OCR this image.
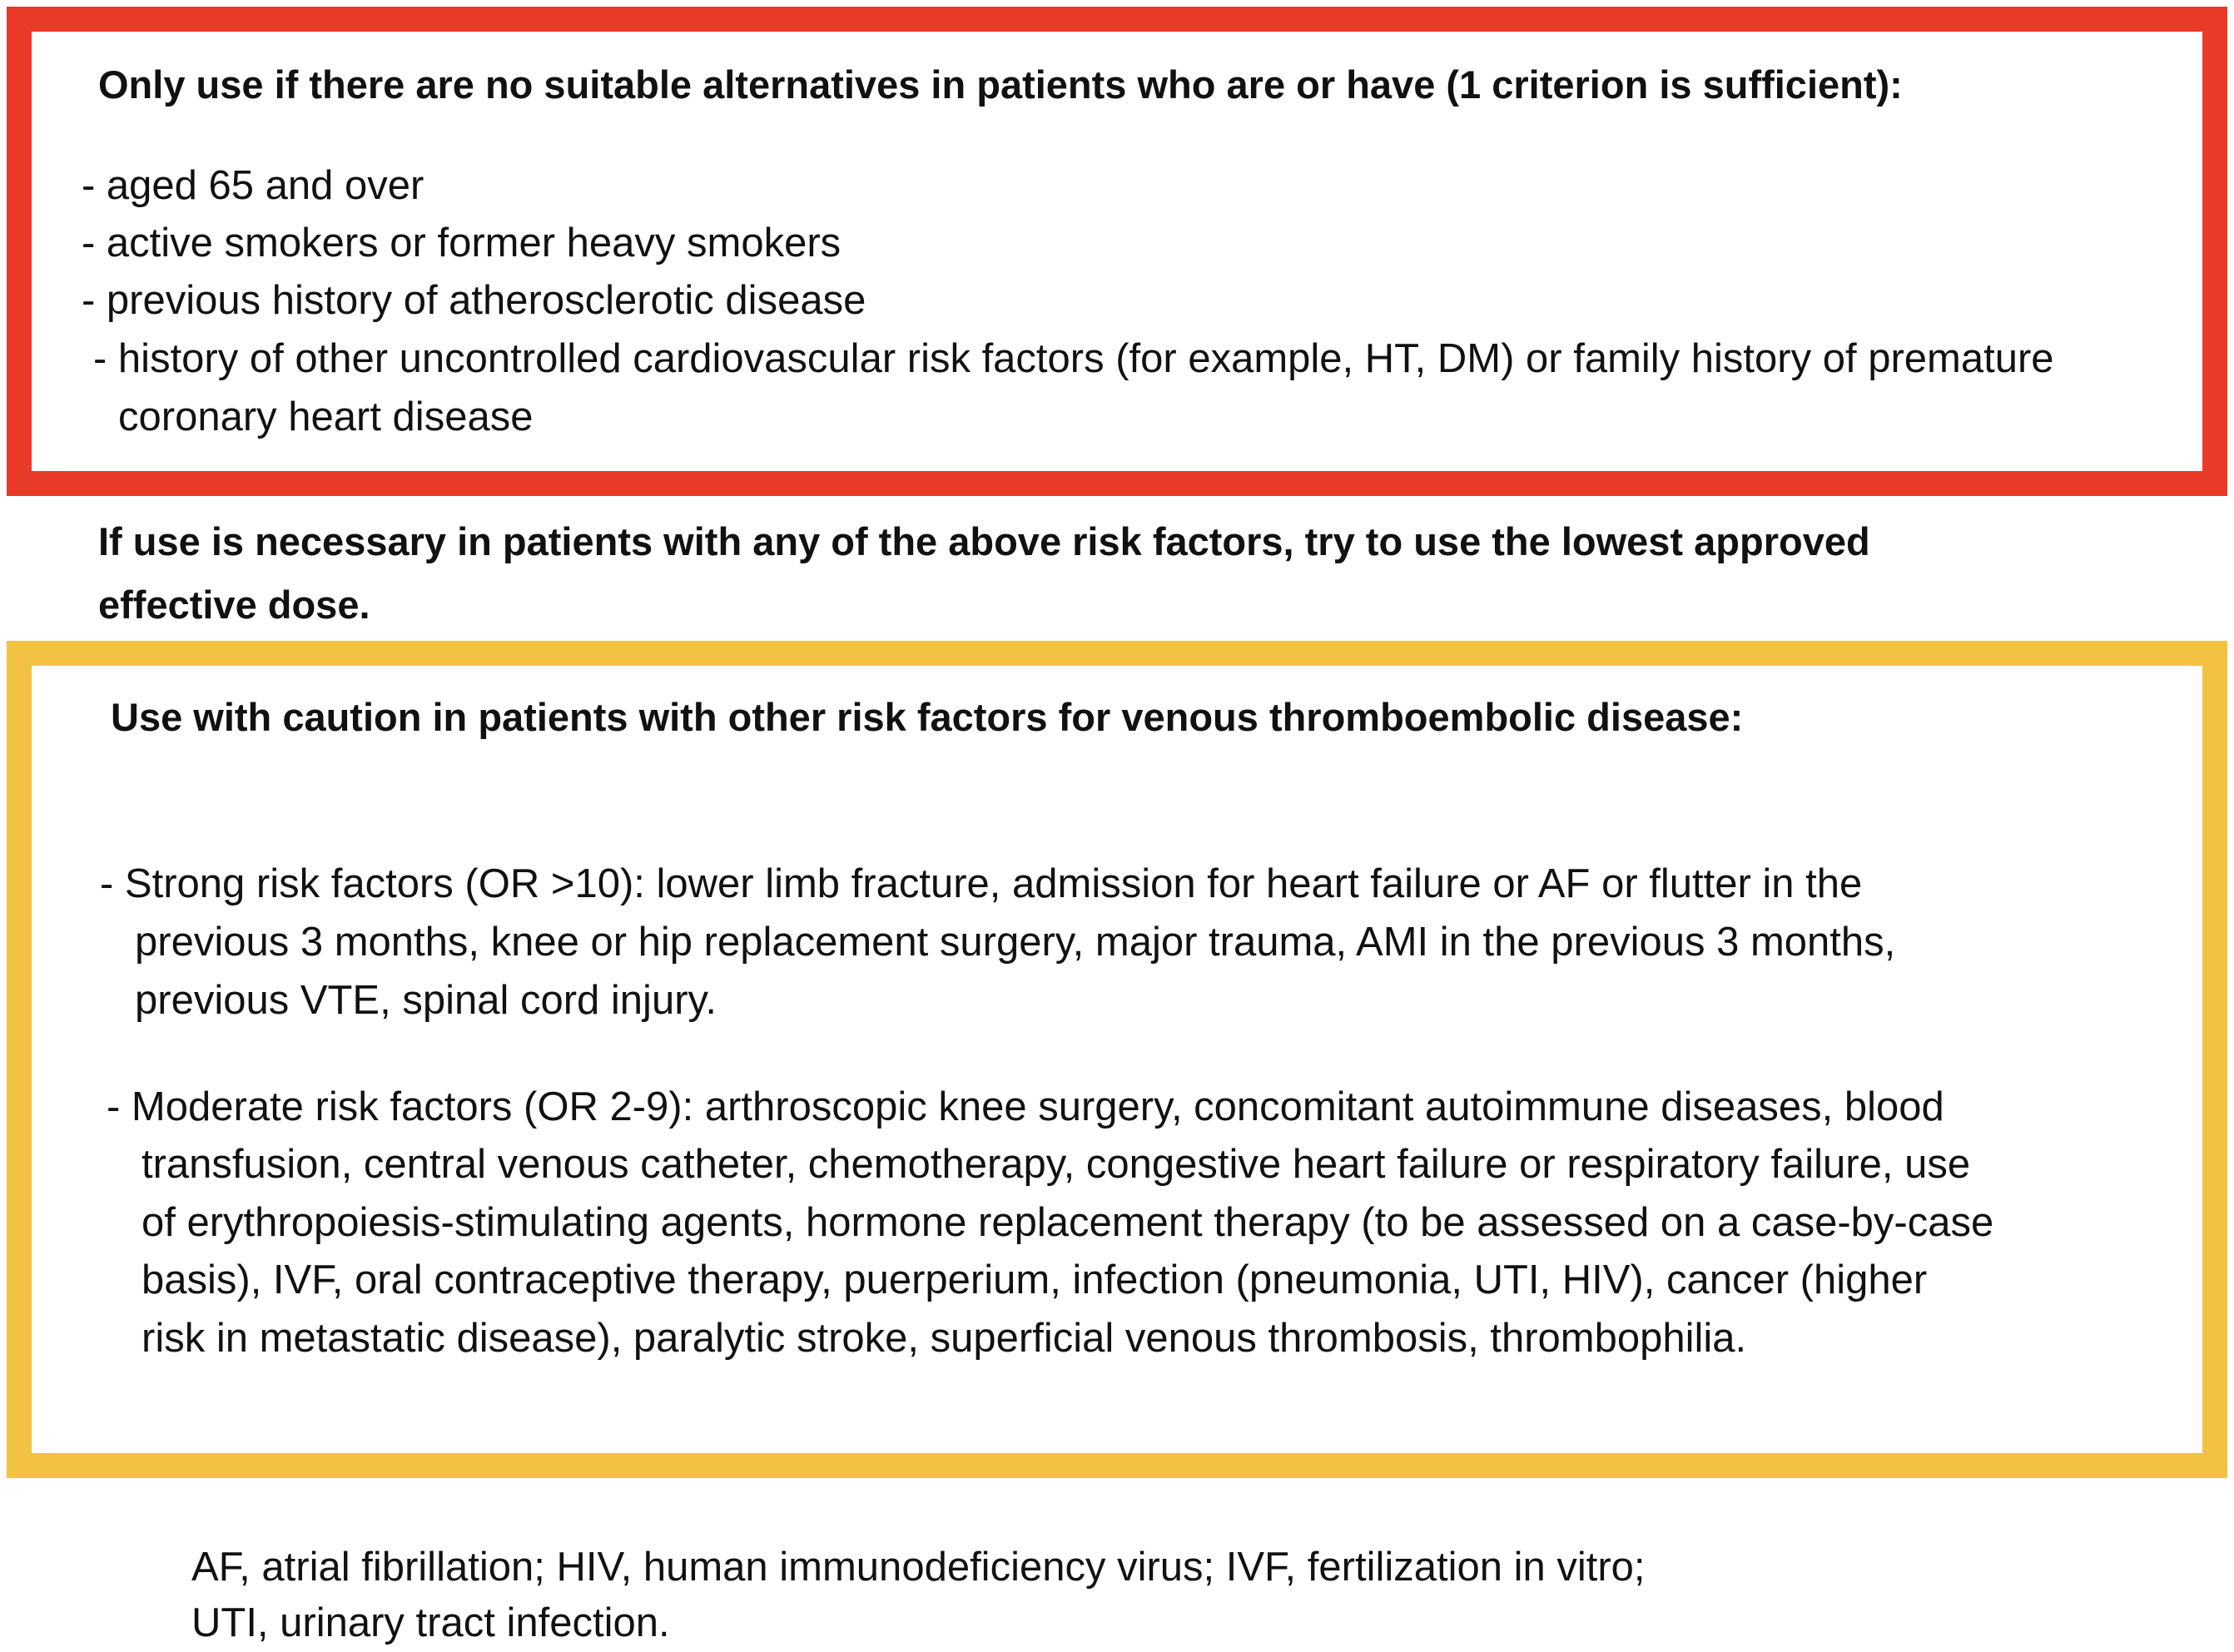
Only use if there are no suitable alternatives in patients who are or have (1 criterion is sufficient):
- aged 65 and over
- active smokers or former heavy smokers
- previous history of atherosclerotic disease
- history of other uncontrolled cardiovascular risk factors (for example, HT, DM) or family history of premature
coronary heart disease
If use is necessary in patients with any of the above risk factors, try to use the lowest approved
effective dose.
Use with caution in patients with other risk factors for venous thromboembolic disease:
- Strong risk factors (OR >10): lower limb fracture, admission for heart failure or AF or flutter in the
previous 3 months, knee or hip replacement surgery, major trauma, AMI in the previous 3 months,
previous VTE, spinal cord injury.
- Moderate risk factors (OR 2-9): arthroscopic knee surgery, concomitant autoimmune diseases, blood
transfusion, central venous catheter, chemotherapy, congestive heart failure or respiratory failure, use
of erythropoiesis-stimulating agents, hormone replacement therapy (to be assessed on a case-by-case
basis), IVF, oral contraceptive therapy, puerperium, infection (pneumonia, UTI, HIV), cancer (higher
risk in metastatic disease), paralytic stroke, superficial venous thrombosis, thrombophilia.
AF, atrial fibrillation; HIV, human immunodeficiency virus; IVF, fertilization in vitro;
UTI, urinary tract infection.
